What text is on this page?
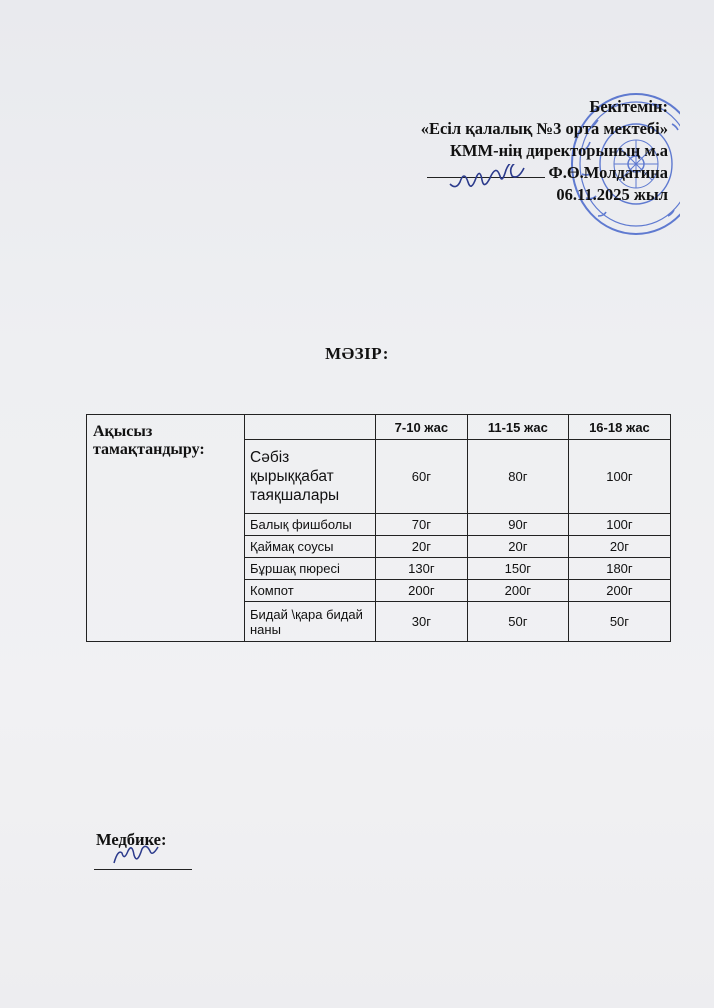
Бекітемін:
«Есіл қалалық №3 орта мектебі»
КММ-нің директорының м.а
Ф.Ө.Молдатина
06.11.2025 жыл
МӘЗІР:
Ақысыз тамақтандыру:		7-10 жас	11-15 жас	16-18 жас
	Сәбіз қырыққабат таяқшалары	60г	80г	100г
	Балық фишболы	70г	90г	100г
	Қаймақ соусы	20г	20г	20г
	Бұршақ пюресі	130г	150г	180г
	Компот	200г	200г	200г
	Бидай \қара бидай наны	30г	50г	50г
Медбике:
